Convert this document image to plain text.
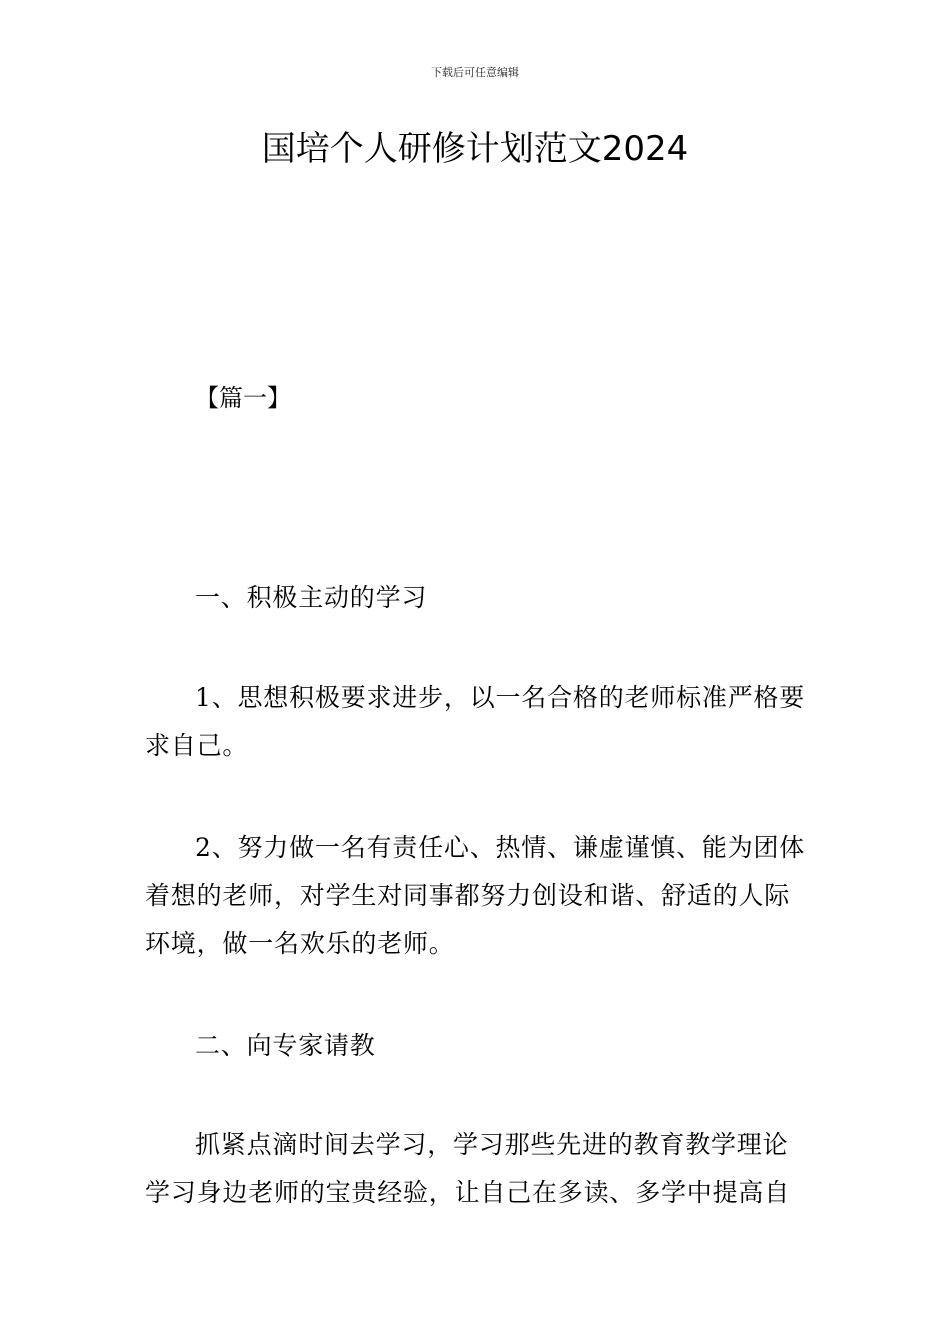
下载后可任意编辑
国培个人研修计划范文2024
【篇一】
一、积极主动的学习
1、思想积极要求进步，以一名合格的老师标准严格要求自己。
2、努力做一名有责任心、热情、谦虚谨慎、能为团体着想的老师，对学生对同事都努力创设和谐、舒适的人际环境，做一名欢乐的老师。
二、向专家请教
抓紧点滴时间去学习，学习那些先进的教育教学理论学习身边老师的宝贵经验，让自己在多读、多学中提高自
